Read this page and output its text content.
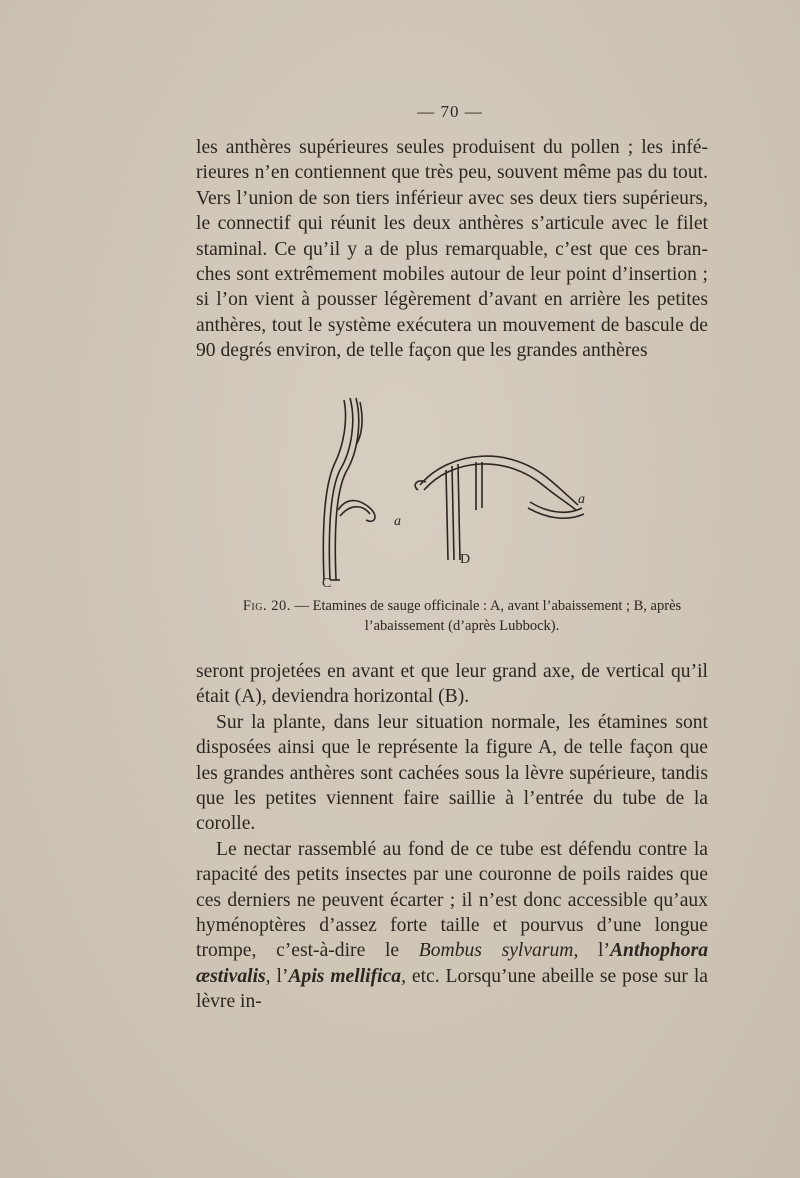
— 70 —

les anthères supérieures seules produisent du pollen ; les infé-rieures n’en contiennent que très peu, souvent même pas du tout. Vers l’union de son tiers inférieur avec ses deux tiers supérieurs, le connectif qui réunit les deux anthères s’articule avec le filet staminal. Ce qu’il y a de plus remarquable, c’est que ces bran-ches sont extrêmement mobiles autour de leur point d’insertion ; si l’on vient à pousser légèrement d’avant en arrière les petites anthères, tout le système exécutera un mouvement de bascule de 90 degrés environ, de telle façon que les grandes anthères

C
a
D
a
Fig. 20. — Etamines de sauge officinale : A, avant l’abaissement ; B, après l’abaissement (d’après Lubbock).

seront projetées en avant et que leur grand axe, de vertical qu’il était (A), deviendra horizontal (B).

Sur la plante, dans leur situation normale, les étamines sont disposées ainsi que le représente la figure A, de telle façon que les grandes anthères sont cachées sous la lèvre supérieure, tandis que les petites viennent faire saillie à l’entrée du tube de la corolle.

Le nectar rassemblé au fond de ce tube est défendu contre la rapacité des petits insectes par une couronne de poils raides que ces derniers ne peuvent écarter ; il n’est donc accessible qu’aux hyménoptères d’assez forte taille et pourvus d’une longue trompe, c’est-à-dire le Bombus sylvarum, l’Anthophora æstivalis, l’Apis mellifica, etc. Lorsqu’une abeille se pose sur la lèvre in-
